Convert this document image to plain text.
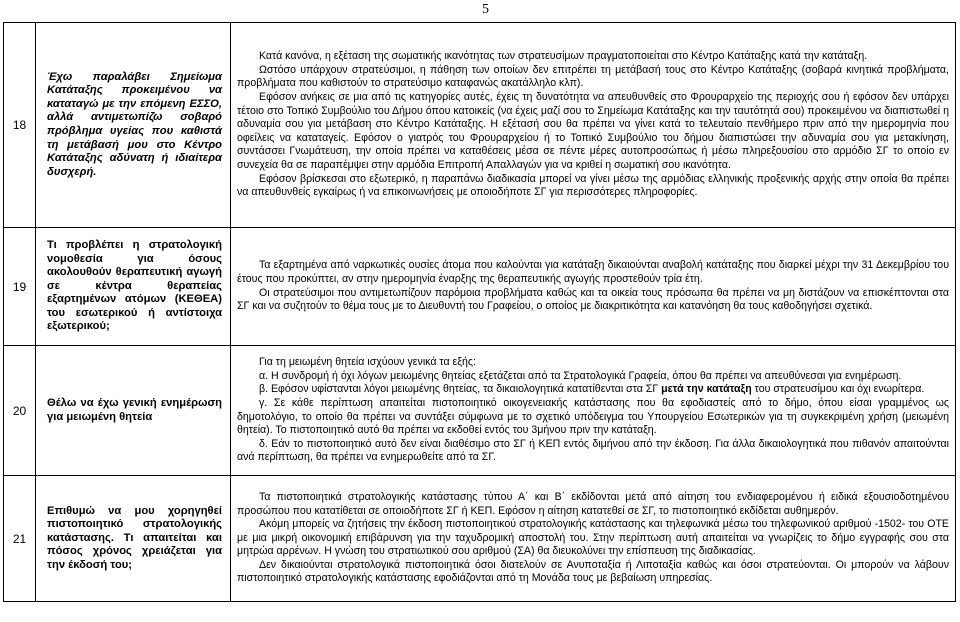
5
18	Έχω παραλάβει Σημείωμα Κατάταξης προκειμένου να καταταγώ με την επόμενη ΕΣΣΟ, αλλά αντιμετωπίζω σοβαρό πρόβλημα υγείας που καθιστά τη μετάβασή μου στο Κέντρο Κατάταξης αδύνατη ή ιδιαίτερα δυσχερή.	Κατά κανόνα, η εξέταση της σωματικής ικανότητας των στρατευσίμων πραγματοποιείται στο Κέντρο Κατάταξης κατά την κατάταξη.

Ωστόσο υπάρχουν στρατεύσιμοι, η πάθηση των οποίων δεν επιτρέπει τη μετάβασή τους στο Κέντρο Κατάταξης (σοβαρά κινητικά προβλήματα, προβλήματα που καθιστούν το στρατεύσιμο καταφανώς ακατάλληλο κλπ).

Εφόσον ανήκεις σε μια από τις κατηγορίες αυτές, έχεις τη δυνατότητα να απευθυνθείς στο Φρουραρχείο της περιοχής σου ή εφόσον δεν υπάρχει τέτοιο στο Τοπικό Συμβούλιο του Δήμου όπου κατοικείς (να έχεις μαζί σου το Σημείωμα Κατάταξης και την ταυτότητά σου) προκειμένου να διαπιστωθεί η αδυναμία σου για μετάβαση στο Κέντρο Κατάταξης. Η εξέτασή σου θα πρέπει να γίνει κατά το τελευταίο πενθήμερο πριν από την ημερομηνία που οφείλεις να καταταγείς. Εφόσον ο γιατρός του Φρουραρχείου ή το Τοπικό Συμβούλιο του δήμου διαπιστώσει την αδυναμία σου για μετακίνηση, συντάσσει Γνωμάτευση, την οποία πρέπει να καταθέσεις μέσα σε πέντε μέρες αυτοπροσώπως ή μέσω πληρεξουσίου στο αρμόδιο ΣΓ το οποίο εν συνεχεία θα σε παραπέμψει στην αρμόδια Επιτροπή Απαλλαγών για να κριθεί η σωματική σου ικανότητα.

Εφόσον βρίσκεσαι στο εξωτερικό, η παραπάνω διαδικασία μπορεί να γίνει μέσω της αρμόδιας ελληνικής προξενικής αρχής στην οποία θα πρέπει να απευθυνθείς εγκαίρως ή να επικοινωνήσεις με οποιοδήποτε ΣΓ για περισσότερες πληροφορίες.

19	Τι προβλέπει η στρατολογική νομοθεσία για όσους ακολουθούν θεραπευτική αγωγή σε κέντρα θεραπείας εξαρτημένων ατόμων (ΚΕΘΕΑ) του εσωτερικού ή αντίστοιχα εξωτερικού;	Τα εξαρτημένα από ναρκωτικές ουσίες άτομα που καλούνται για κατάταξη δικαιούνται αναβολή κατάταξης που διαρκεί μέχρι την 31 Δεκεμβρίου του έτους που προκύπτει, αν στην ημερομηνία έναρξης της θεραπευτικής αγωγής προστεθούν τρία έτη.

Οι στρατεύσιμοι που αντιμετωπίζουν παρόμοια προβλήματα καθώς και τα οικεία τους πρόσωπα θα πρέπει να μη διστάζουν να επισκέπτονται στα ΣΓ και να συζητούν το θέμα τους με το Διευθυντή του Γραφείου, ο οποίος με διακριτικότητα και κατανόηση θα τους καθοδηγήσει σχετικά.

20	Θέλω να έχω γενική ενημέρωση για μειωμένη θητεία	Για τη μειωμένη θητεία ισχύουν γενικά τα εξής:

α. Η συνδρομή ή όχι λόγων μειωμένης θητείας εξετάζεται από τα Στρατολογικά Γραφεία, όπου θα πρέπει να απευθύνεσαι για ενημέρωση.

β. Εφόσον υφίστανται λόγοι μειωμένης θητείας, τα δικαιολογητικά κατατίθενται στα ΣΓ μετά την κατάταξη του στρατευσίμου και όχι ενωρίτερα.

γ. Σε κάθε περίπτωση απαιτείται πιστοποιητικό οικογενειακής κατάστασης που θα εφοδιαστείς από το δήμο, όπου είσαι γραμμένος ως δημοτολόγιο, το οποίο θα πρέπει να συντάξει σύμφωνα με το σχετικό υπόδειγμα του Υπουργείου Εσωτερικών για τη συγκεκριμένη χρήση (μειωμένη θητεία). Το πιστοποιητικό αυτό θα πρέπει να εκδοθεί εντός του 3μήνου πριν την κατάταξη.

δ. Εάν το πιστοποιητικό αυτό δεν είναι διαθέσιμο στο ΣΓ ή ΚΕΠ εντός διμήνου από την έκδοση. Για άλλα δικαιολογητικά που πιθανόν απαιτούνται ανά περίπτωση, θα πρέπει να ενημερωθείτε από τα ΣΓ.

21	Επιθυμώ να μου χορηγηθεί πιστοποιητικό στρατολογικής κατάστασης. Τι απαιτείται και πόσος χρόνος χρειάζεται για την έκδοσή του;	Τα πιστοποιητικά στρατολογικής κατάστασης τύπου Α΄ και Β΄ εκδίδονται μετά από αίτηση του ενδιαφερομένου ή ειδικά εξουσιοδοτημένου προσώπου που κατατίθεται σε οποιοδήποτε ΣΓ ή ΚΕΠ. Εφόσον η αίτηση κατατεθεί σε ΣΓ, το πιστοποιητικό εκδίδεται αυθημερόν.

Ακόμη μπορείς να ζητήσεις την έκδοση πιστοποιητικού στρατολογικής κατάστασης και τηλεφωνικά μέσω του τηλεφωνικού αριθμού -1502- του ΟΤΕ με μια μικρή οικονομική επιβάρυνση για την ταχυδρομική αποστολή του. Στην περίπτωση αυτή απαιτείται να γνωρίζεις το δήμο εγγραφής σου στα μητρώα αρρένων. Η γνώση του στρατιωτικού σου αριθμού (ΣΑ) θα διευκολύνει την επίσπευση της διαδικασίας.

Δεν δικαιούνται στρατολογικά πιστοποιητικά όσοι διατελούν σε Ανυποταξία ή Λιποταξία καθώς και όσοι στρατεύονται. Οι μπορούν να λάβουν πιστοποιητικό στρατολογικής κατάστασης εφοδιάζονται από τη Μονάδα τους με βεβαίωση υπηρεσίας.
